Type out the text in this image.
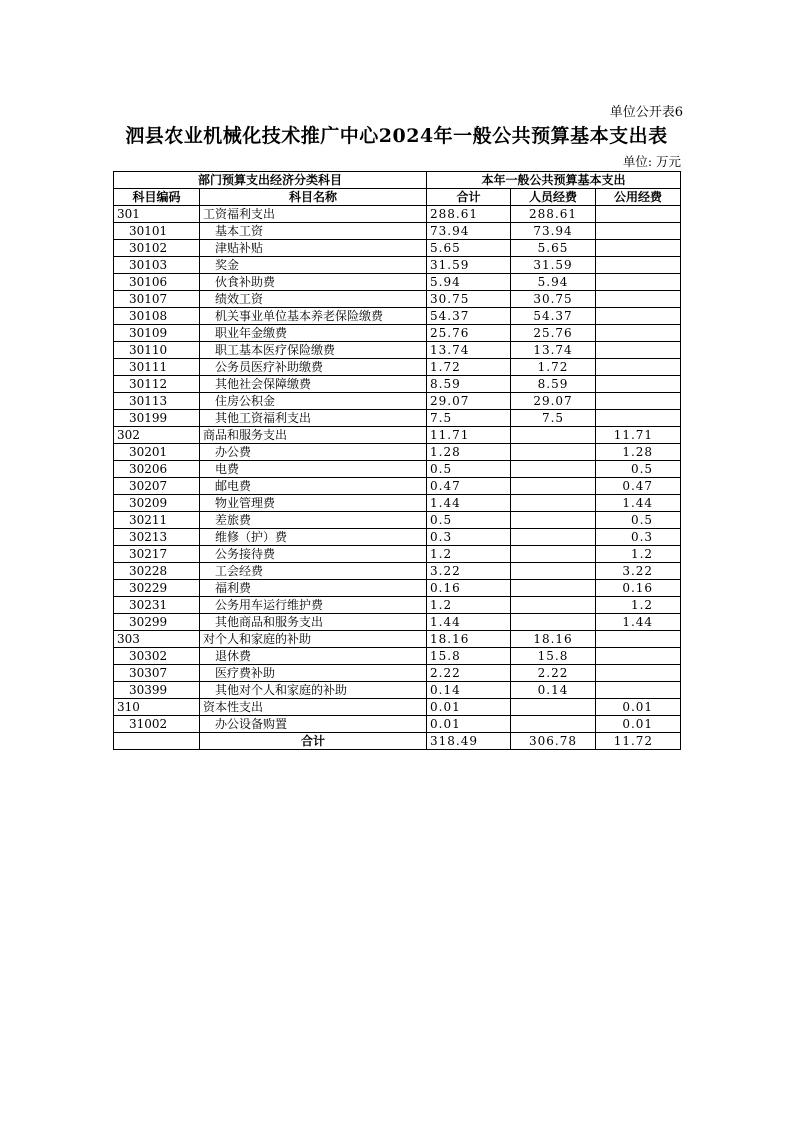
单位公开表6
泗县农业机械化技术推广中心2024年一般公共预算基本支出表
单位: 万元
部门预算支出经济分类科目		本年一般公共预算基本支出		
科目编码	科目名称	合计	人员经费	公用经费
301	工资福利支出	288.61	288.61	
30101	基本工资	73.94	73.94	
30102	津贴补贴	5.65	5.65	
30103	奖金	31.59	31.59	
30106	伙食补助费	5.94	5.94	
30107	绩效工资	30.75	30.75	
30108	机关事业单位基本养老保险缴费	54.37	54.37	
30109	职业年金缴费	25.76	25.76	
30110	职工基本医疗保险缴费	13.74	13.74	
30111	公务员医疗补助缴费	1.72	1.72	
30112	其他社会保障缴费	8.59	8.59	
30113	住房公积金	29.07	29.07	
30199	其他工资福利支出	7.5	7.5	
302	商品和服务支出	11.71		11.71
30201	办公费	1.28		1.28
30206	电费	0.5		0.5
30207	邮电费	0.47		0.47
30209	物业管理费	1.44		1.44
30211	差旅费	0.5		0.5
30213	维修（护）费	0.3		0.3
30217	公务接待费	1.2		1.2
30228	工会经费	3.22		3.22
30229	福利费	0.16		0.16
30231	公务用车运行维护费	1.2		1.2
30299	其他商品和服务支出	1.44		1.44
303	对个人和家庭的补助	18.16	18.16	
30302	退休费	15.8	15.8	
30307	医疗费补助	2.22	2.22	
30399	其他对个人和家庭的补助	0.14	0.14	
310	资本性支出	0.01		0.01
31002	办公设备购置	0.01		0.01
	合计	318.49	306.78	11.72
